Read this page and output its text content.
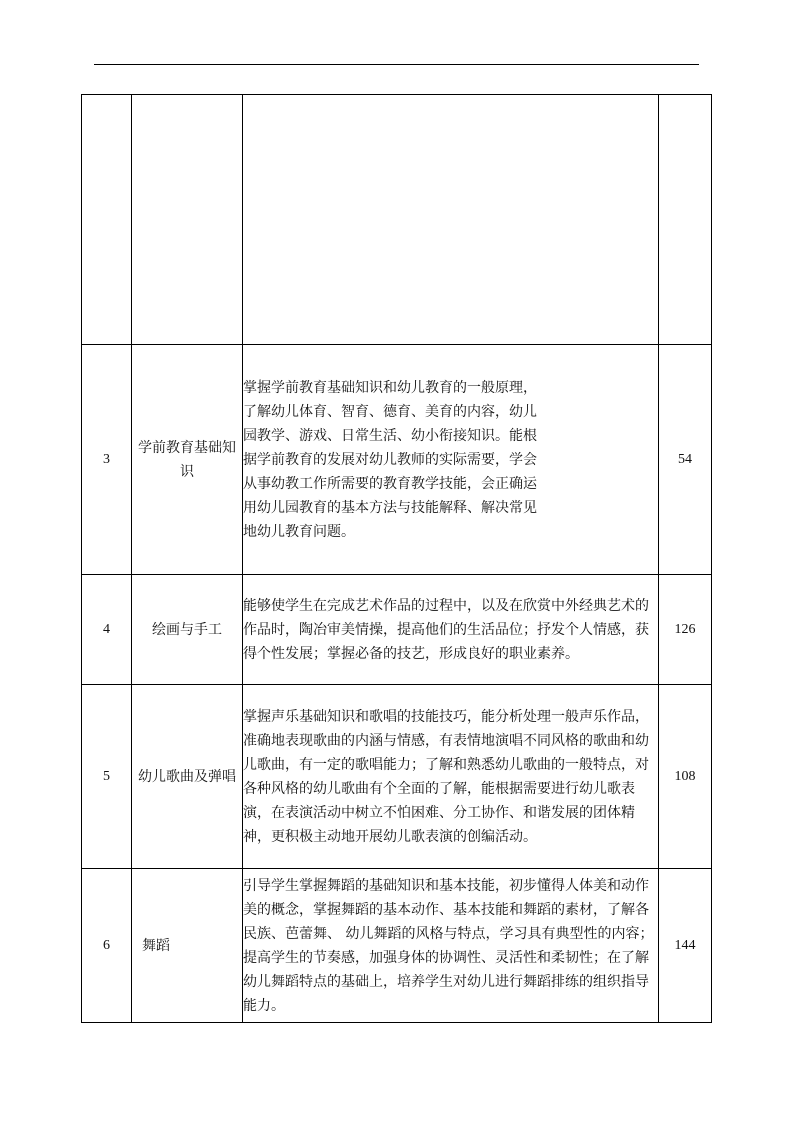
3	学前教育基础知识	掌握学前教育基础知识和幼儿教育的一般原理，了解幼儿体育、智育、德育、美育的内容，幼儿园教学、游戏、日常生活、幼小衔接知识。能根据学前教育的发展对幼儿教师的实际需要，学会从事幼教工作所需要的教育教学技能，会正确运用幼儿园教育的基本方法与技能解释、解决常见地幼儿教育问题。	54
4	绘画与手工	能够使学生在完成艺术作品的过程中，以及在欣赏中外经典艺术的作品时，陶冶审美情操，提高他们的生活品位；抒发个人情感，获得个性发展；掌握必备的技艺，形成良好的职业素养。	126
5	幼儿歌曲及弹唱	掌握声乐基础知识和歌唱的技能技巧，能分析处理一般声乐作品，准确地表现歌曲的内涵与情感，有表情地演唱不同风格的歌曲和幼儿歌曲，有一定的歌唱能力；了解和熟悉幼儿歌曲的一般特点，对各种风格的幼儿歌曲有个全面的了解，能根据需要进行幼儿歌表演，在表演活动中树立不怕困难、分工协作、和谐发展的团体精神，更积极主动地开展幼儿歌表演的创编活动。	108
6	舞蹈	引导学生掌握舞蹈的基础知识和基本技能，初步懂得人体美和动作美的概念，掌握舞蹈的基本动作、基本技能和舞蹈的素材，了解各民族、芭蕾舞、 幼儿舞蹈的风格与特点，学习具有典型性的内容；提高学生的节奏感，加强身体的协调性、灵活性和柔韧性；在了解幼儿舞蹈特点的基础上，培养学生对幼儿进行舞蹈排练的组织指导能力。	144
